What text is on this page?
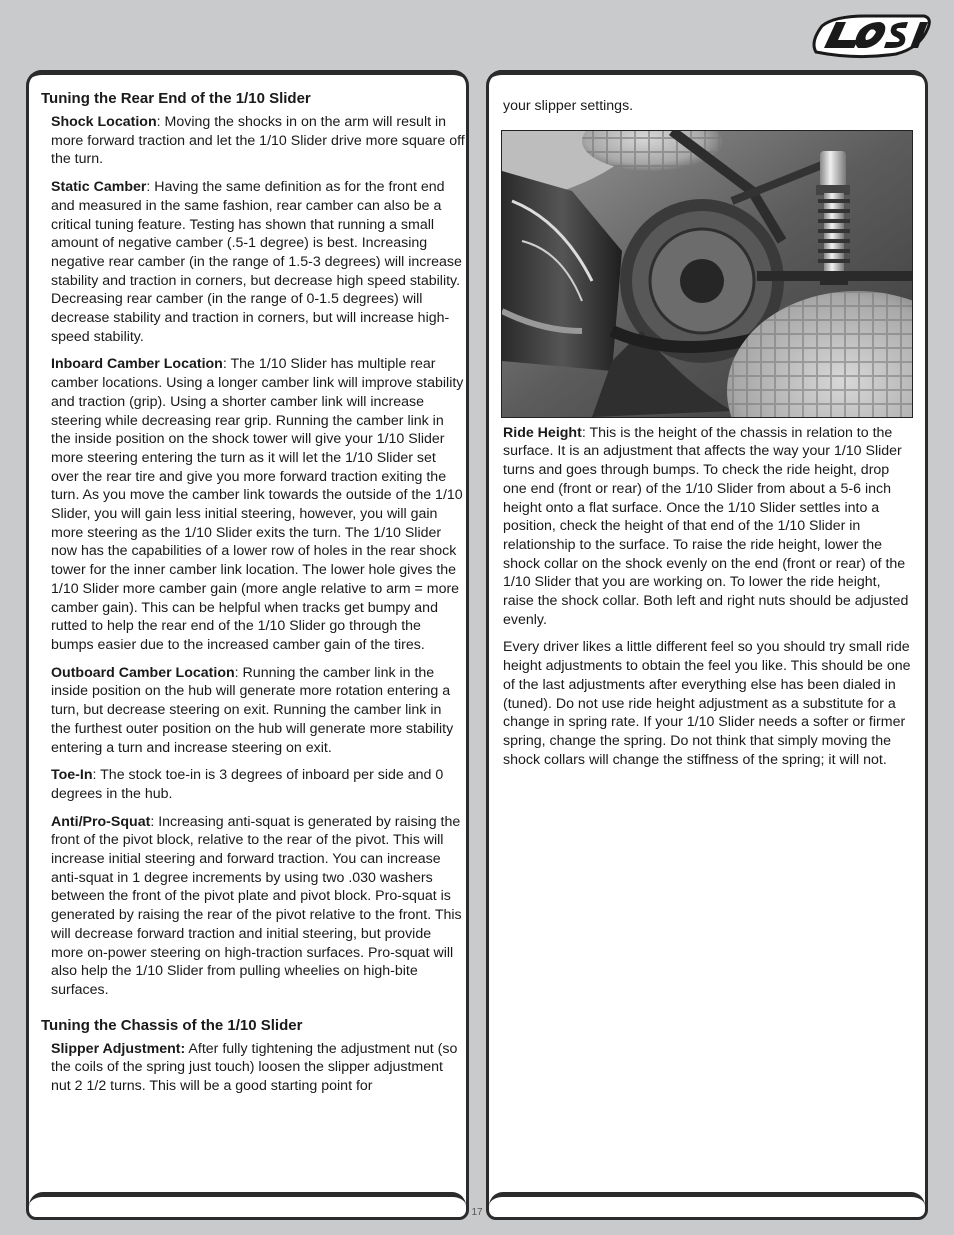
Tuning the Rear End of the 1/10 Slider

Shock Location: Moving the shocks in on the arm will result in more forward traction and let the 1/10 Slider drive more square off the turn.

Static Camber: Having the same definition as for the front end and measured in the same fashion, rear camber can also be a critical tuning feature. Testing has shown that running a small amount of negative camber (.5-1 degree) is best. Increasing negative rear camber (in the range of 1.5-3 degrees) will increase stability and traction in corners, but decrease high speed stability. Decreasing rear camber (in the range of 0-1.5 degrees) will decrease stability and traction in corners, but will increase high-speed stability.

Inboard Camber Location: The 1/10 Slider has multiple rear camber locations. Using a longer camber link will improve stability and traction (grip). Using a shorter camber link will increase steering while decreasing rear grip. Running the camber link in the inside position on the shock tower will give your 1/10 Slider more steering entering the turn as it will let the 1/10 Slider set over the rear tire and give you more forward traction exiting the turn. As you move the camber link towards the outside of the 1/10 Slider, you will gain less initial steering, however, you will gain more steering as the 1/10 Slider exits the turn. The 1/10 Slider now has the capabilities of a lower row of holes in the rear shock tower for the inner camber link location. The lower hole gives the 1/10 Slider more camber gain (more angle relative to arm = more camber gain). This can be helpful when tracks get bumpy and rutted to help the rear end of the 1/10 Slider go through the bumps easier due to the increased camber gain of the tires.

Outboard Camber Location: Running the camber link in the inside position on the hub will generate more rotation entering a turn, but decrease steering on exit. Running the camber link in the furthest outer position on the hub will generate more stability entering a turn and increase steering on exit.

Toe-In: The stock toe-in is 3 degrees of inboard per side and 0 degrees in the hub.

Anti/Pro-Squat: Increasing anti-squat is generated by raising the front of the pivot block, relative to the rear of the pivot. This will increase initial steering and forward traction. You can increase anti-squat in 1 degree increments by using two .030 washers between the front of the pivot plate and pivot block. Pro-squat is generated by raising the rear of the pivot relative to the front. This will decrease forward traction and initial steering, but provide more on-power steering on high-traction surfaces. Pro-squat will also help the 1/10 Slider from pulling wheelies on high-bite surfaces.

Tuning the Chassis of the 1/10 Slider

Slipper Adjustment: After fully tightening the adjustment nut (so the coils of the spring just touch) loosen the slipper adjustment nut 2 1/2 turns. This will be a good starting point for

your slipper settings.

Ride Height: This is the height of the chassis in relation to the surface. It is an adjustment that affects the way your 1/10 Slider turns and goes through bumps. To check the ride height, drop one end (front or rear) of the 1/10 Slider from about a 5-6 inch height onto a flat surface. Once the 1/10 Slider settles into a position, check the height of that end of the 1/10 Slider in relationship to the surface. To raise the ride height, lower the shock collar on the shock evenly on the end (front or rear) of the 1/10 Slider that you are working on. To lower the ride height, raise the shock collar. Both left and right nuts should be adjusted evenly.

Every driver likes a little different feel so you should try small ride height adjustments to obtain the feel you like. This should be one of the last adjustments after everything else has been dialed in (tuned). Do not use ride height adjustment as a substitute for a change in spring rate. If your 1/10 Slider needs a softer or firmer spring, change the spring. Do not think that simply moving the shock collars will change the stiffness of the spring; it will not.

17
